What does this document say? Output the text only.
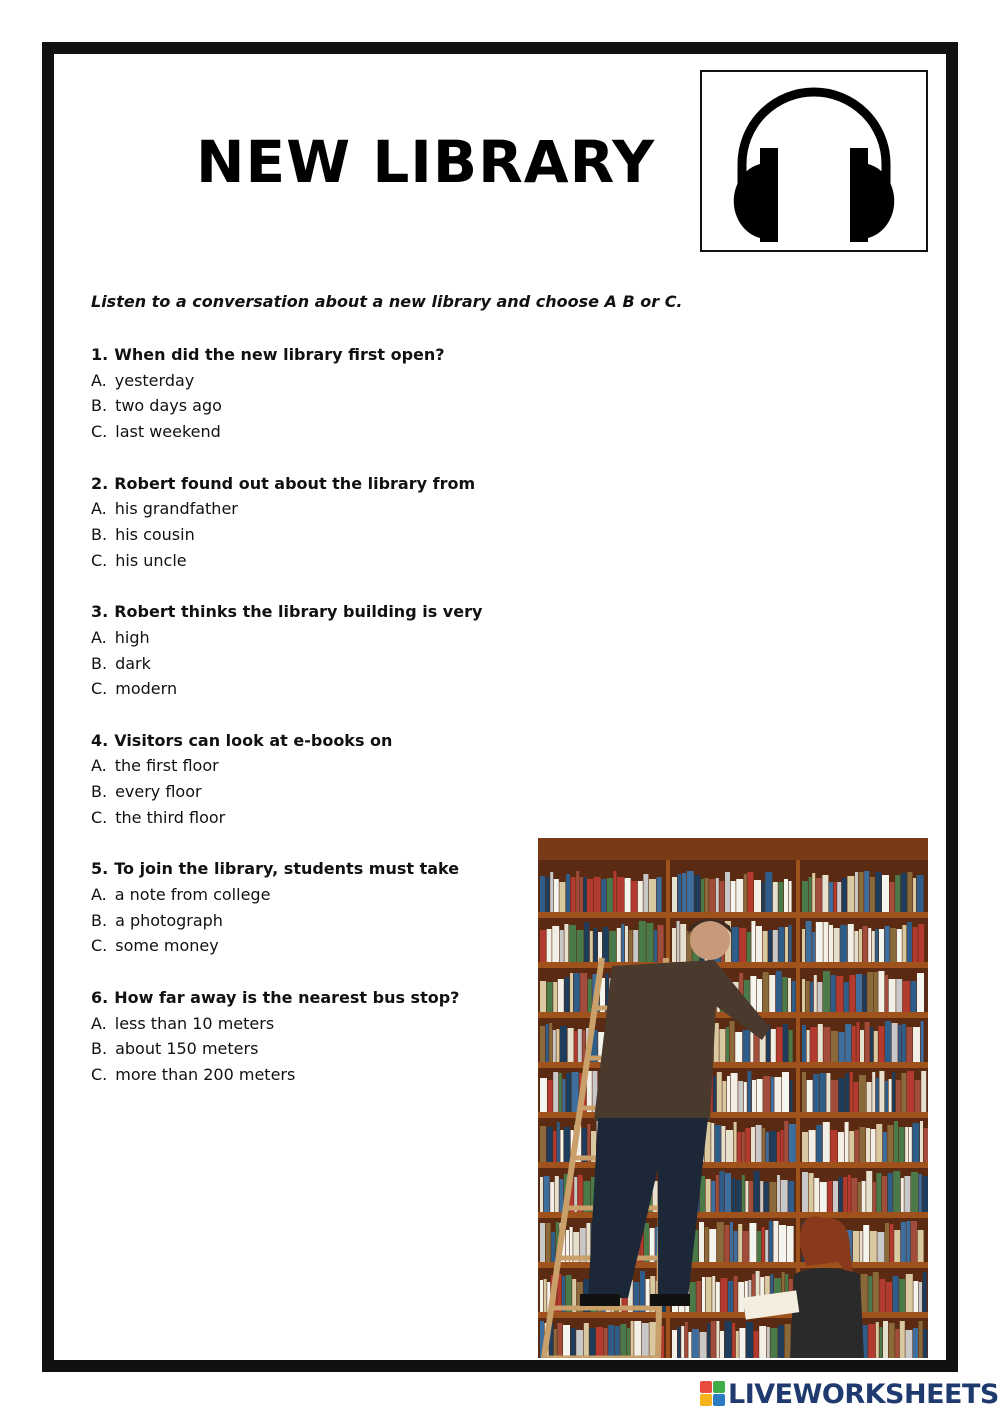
NEW LIBRARY
Listen to a conversation about a new library and choose A B or C.
1. When did the new library first open?
A. yesterday
B. two days ago
C. last weekend
2. Robert found out about the library from
A. his grandfather
B. his cousin
C. his uncle
3. Robert thinks the library building is very
A. high
B. dark
C. modern
4. Visitors can look at e-books on
A. the first floor
B. every floor
C. the third floor
5. To join the library, students must take
A. a note from college
B. a photograph
C. some money
6. How far away is the nearest bus stop?
A. less than 10 meters
B. about 150 meters
C. more than 200 meters
LIVEWORKSHEETS
